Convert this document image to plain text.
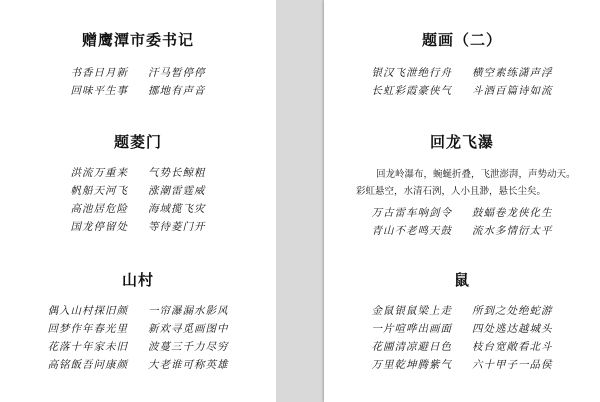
赠鹰潭市委书记
书香日月新 汗马暂停停
回味平生事 挪地有声音
题菱门
洪流万重来 气势长鲸粗
帆船天河飞 涨潮雷霆威
高池居危险 海域揽飞灾
国龙停留处 等待菱门开
山村
偶入山村探旧颜 一帘瀑漏水影风
回梦作年春光里 新欢寻觅画图中
花落十年家未旧 波蔓三千力尽穷
高铭飯吾问康颜 大老谁可称英雄
题画（二）
银汉飞泄绝行舟 横空素练潇声浮
长虹彩霞豪侠气 斗酒百篇诗如流
回龙飞瀑
回龙岭瀑布，蜿蜒折叠，飞泄澎湃，声势动天。彩虹悬空，水清石洌，人小且渺，悬长尘矣。
万古雷车响剑令 鼓蝠卷龙侠化生
青山不老鸣天鼓 流水多情衍太平
鼠
金鼠银鼠梁上走 所到之处绝蛇游
一片喧哗出画面 四处逃达越城头
花圃清凉避日色 枝台宽敞看北斗
万里乾坤腾紫气 六十甲子一品侯
